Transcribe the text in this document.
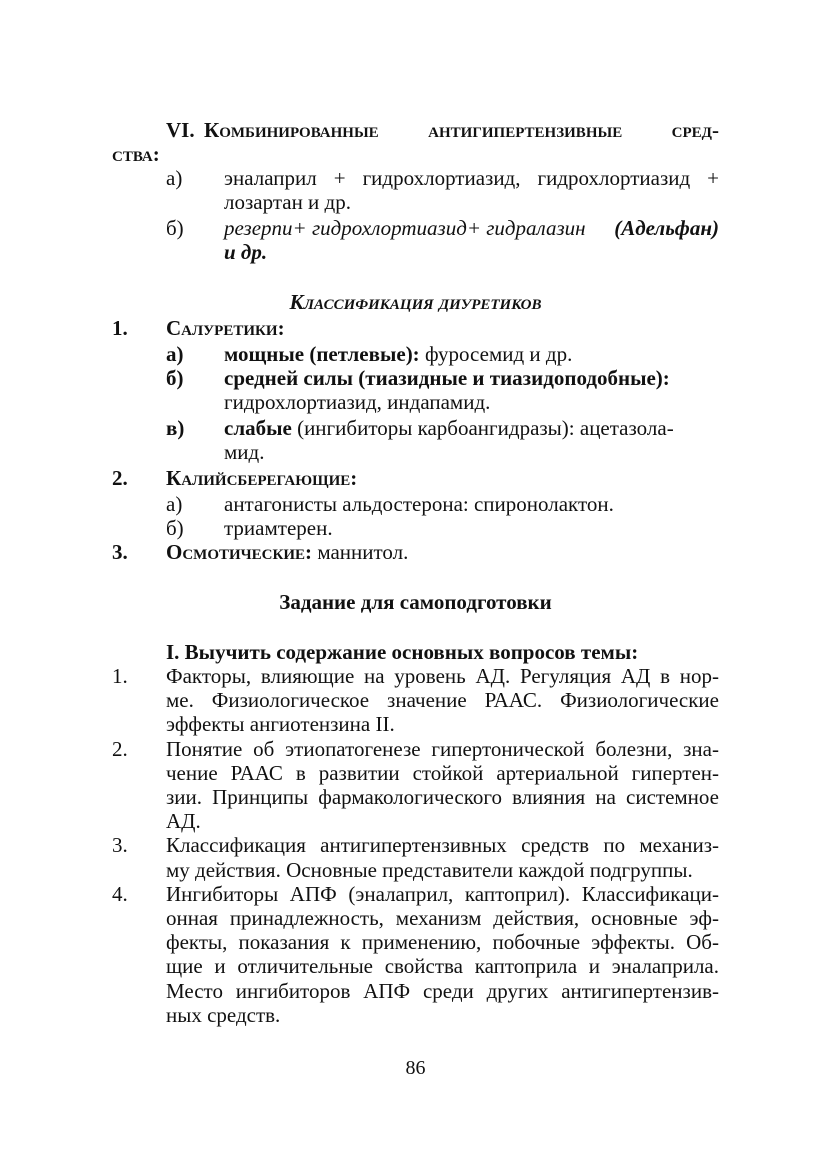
VI. Комбинированные антигипертензивные сред-
ства:
а) эналаприл + гидрохлортиазид, гидрохлортиазид +
лозартан и др.
б) резерпи+ гидрохлортиазид+ гидралазин (Адельфан)
и др.
Классификация диуретиков
1. Салуретики:
а) мощные (петлевые): фуросемид и др.
б) средней силы (тиазидные и тиазидоподобные):
гидрохлортиазид, индапамид.
в) слабые (ингибиторы карбоангидразы): ацетазола-
мид.
2. Калийсберегающие:
а) антагонисты альдостерона: спиронолактон.
б) триамтерен.
3. Осмотические: маннитол.
Задание для самоподготовки
I. Выучить содержание основных вопросов темы:
1. Факторы, влияющие на уровень АД. Регуляция АД в нор-
ме. Физиологическое значение РААС. Физиологические
эффекты ангиотензина II.
2. Понятие об этиопатогенезе гипертонической болезни, зна-
чение РААС в развитии стойкой артериальной гипертен-
зии. Принципы фармакологического влияния на системное
АД.
3. Классификация антигипертензивных средств по механиз-
му действия. Основные представители каждой подгруппы.
4. Ингибиторы АПФ (эналаприл, каптоприл). Классификаци-
онная принадлежность, механизм действия, основные эф-
фекты, показания к применению, побочные эффекты. Об-
щие и отличительные свойства каптоприла и эналаприла.
Место ингибиторов АПФ среди других антигипертензив-
ных средств.
86
